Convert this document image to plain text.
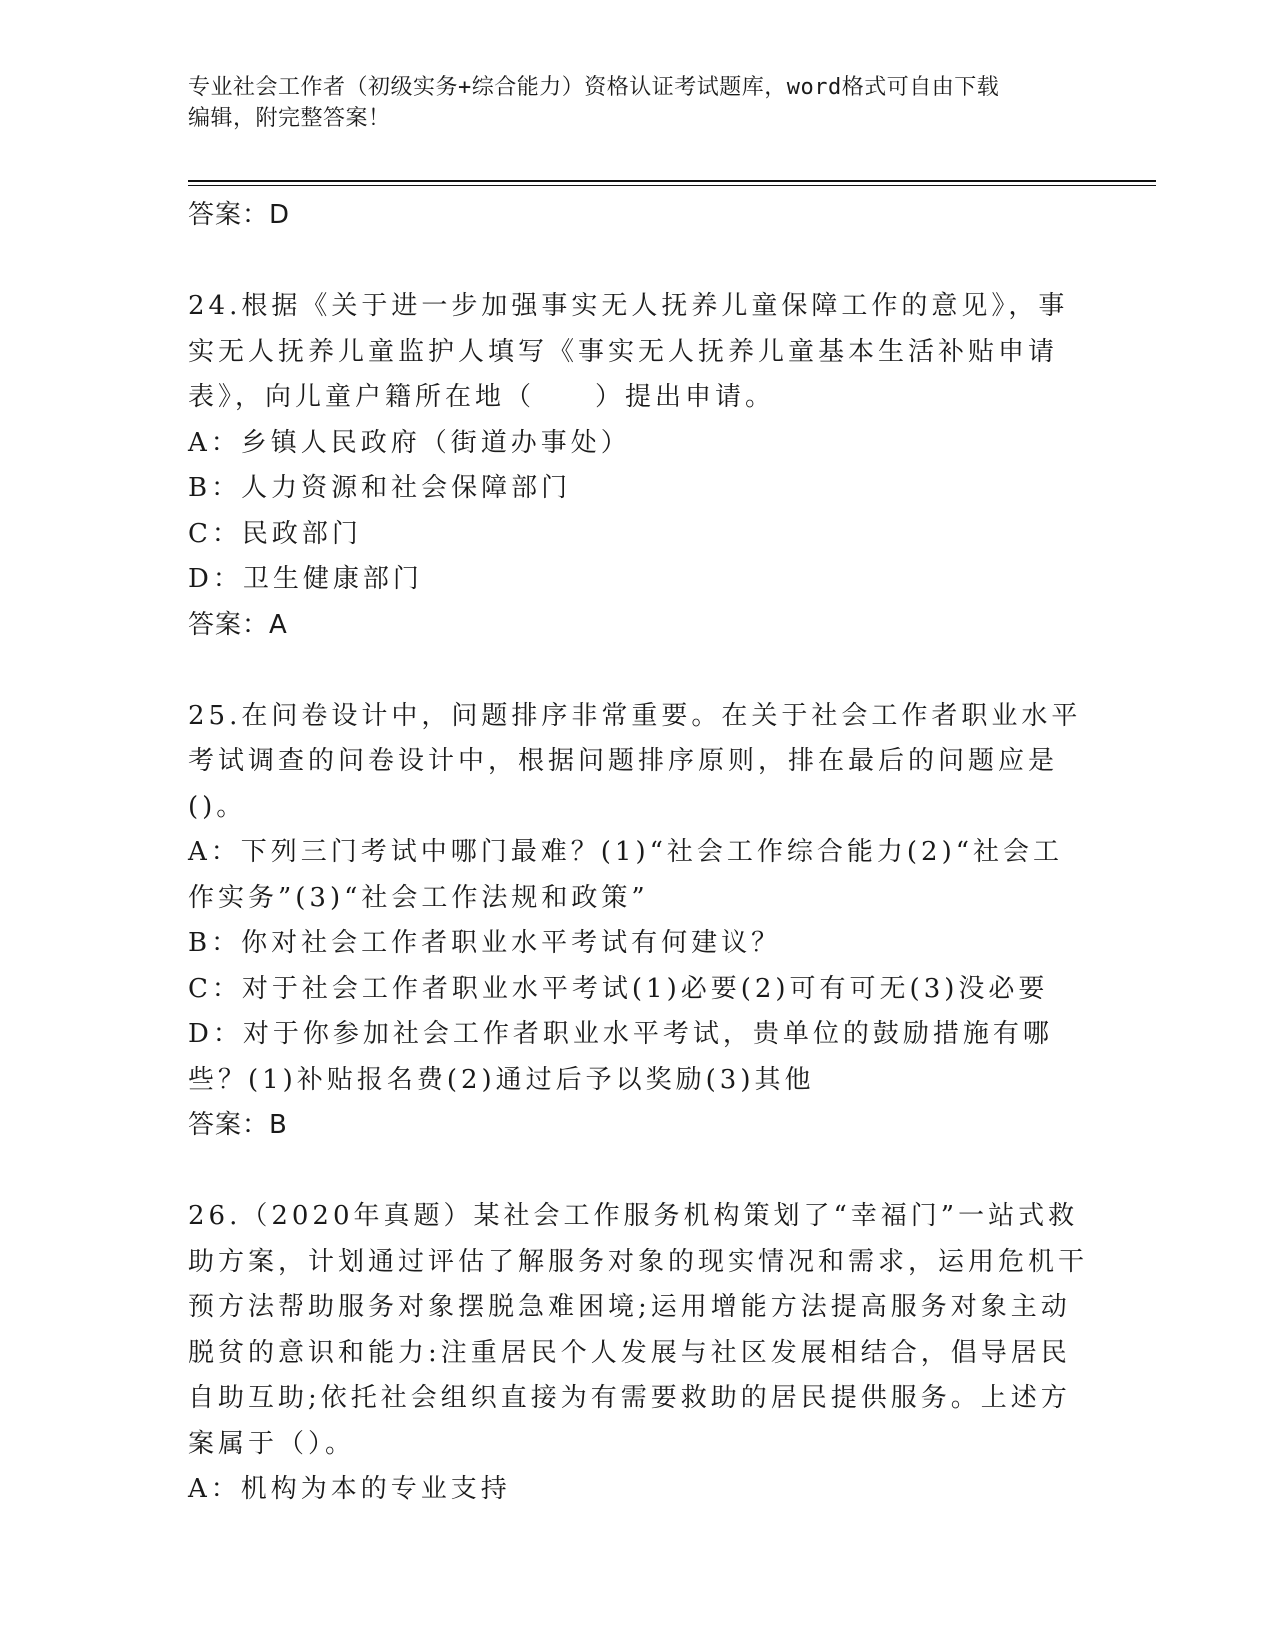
专业社会工作者（初级实务+综合能力）资格认证考试题库，word格式可自由下载
编辑，附完整答案！

答案：D

24.根据《关于进一步加强事实无人抚养儿童保障工作的意见》，事实无人抚养儿童监护人填写《事实无人抚养儿童基本生活补贴申请表》，向儿童户籍所在地（　　）提出申请。

A：乡镇人民政府（街道办事处）

B：人力资源和社会保障部门

C：民政部门

D：卫生健康部门

答案：A

25.在问卷设计中，问题排序非常重要。在关于社会工作者职业水平考试调查的问卷设计中，根据问题排序原则，排在最后的问题应是()。

A：下列三门考试中哪门最难？(1)“社会工作综合能力(2)“社会工作实务”(3)“社会工作法规和政策”

B：你对社会工作者职业水平考试有何建议？

C：对于社会工作者职业水平考试(1)必要(2)可有可无(3)没必要

D：对于你参加社会工作者职业水平考试，贵单位的鼓励措施有哪些？(1)补贴报名费(2)通过后予以奖励(3)其他

答案：B

26.（2020年真题）某社会工作服务机构策划了“幸福门”一站式救助方案，计划通过评估了解服务对象的现实情况和需求，运用危机干预方法帮助服务对象摆脱急难困境;运用增能方法提高服务对象主动脱贫的意识和能力:注重居民个人发展与社区发展相结合，倡导居民自助互助;依托社会组织直接为有需要救助的居民提供服务。上述方案属于（）。

A：机构为本的专业支持
